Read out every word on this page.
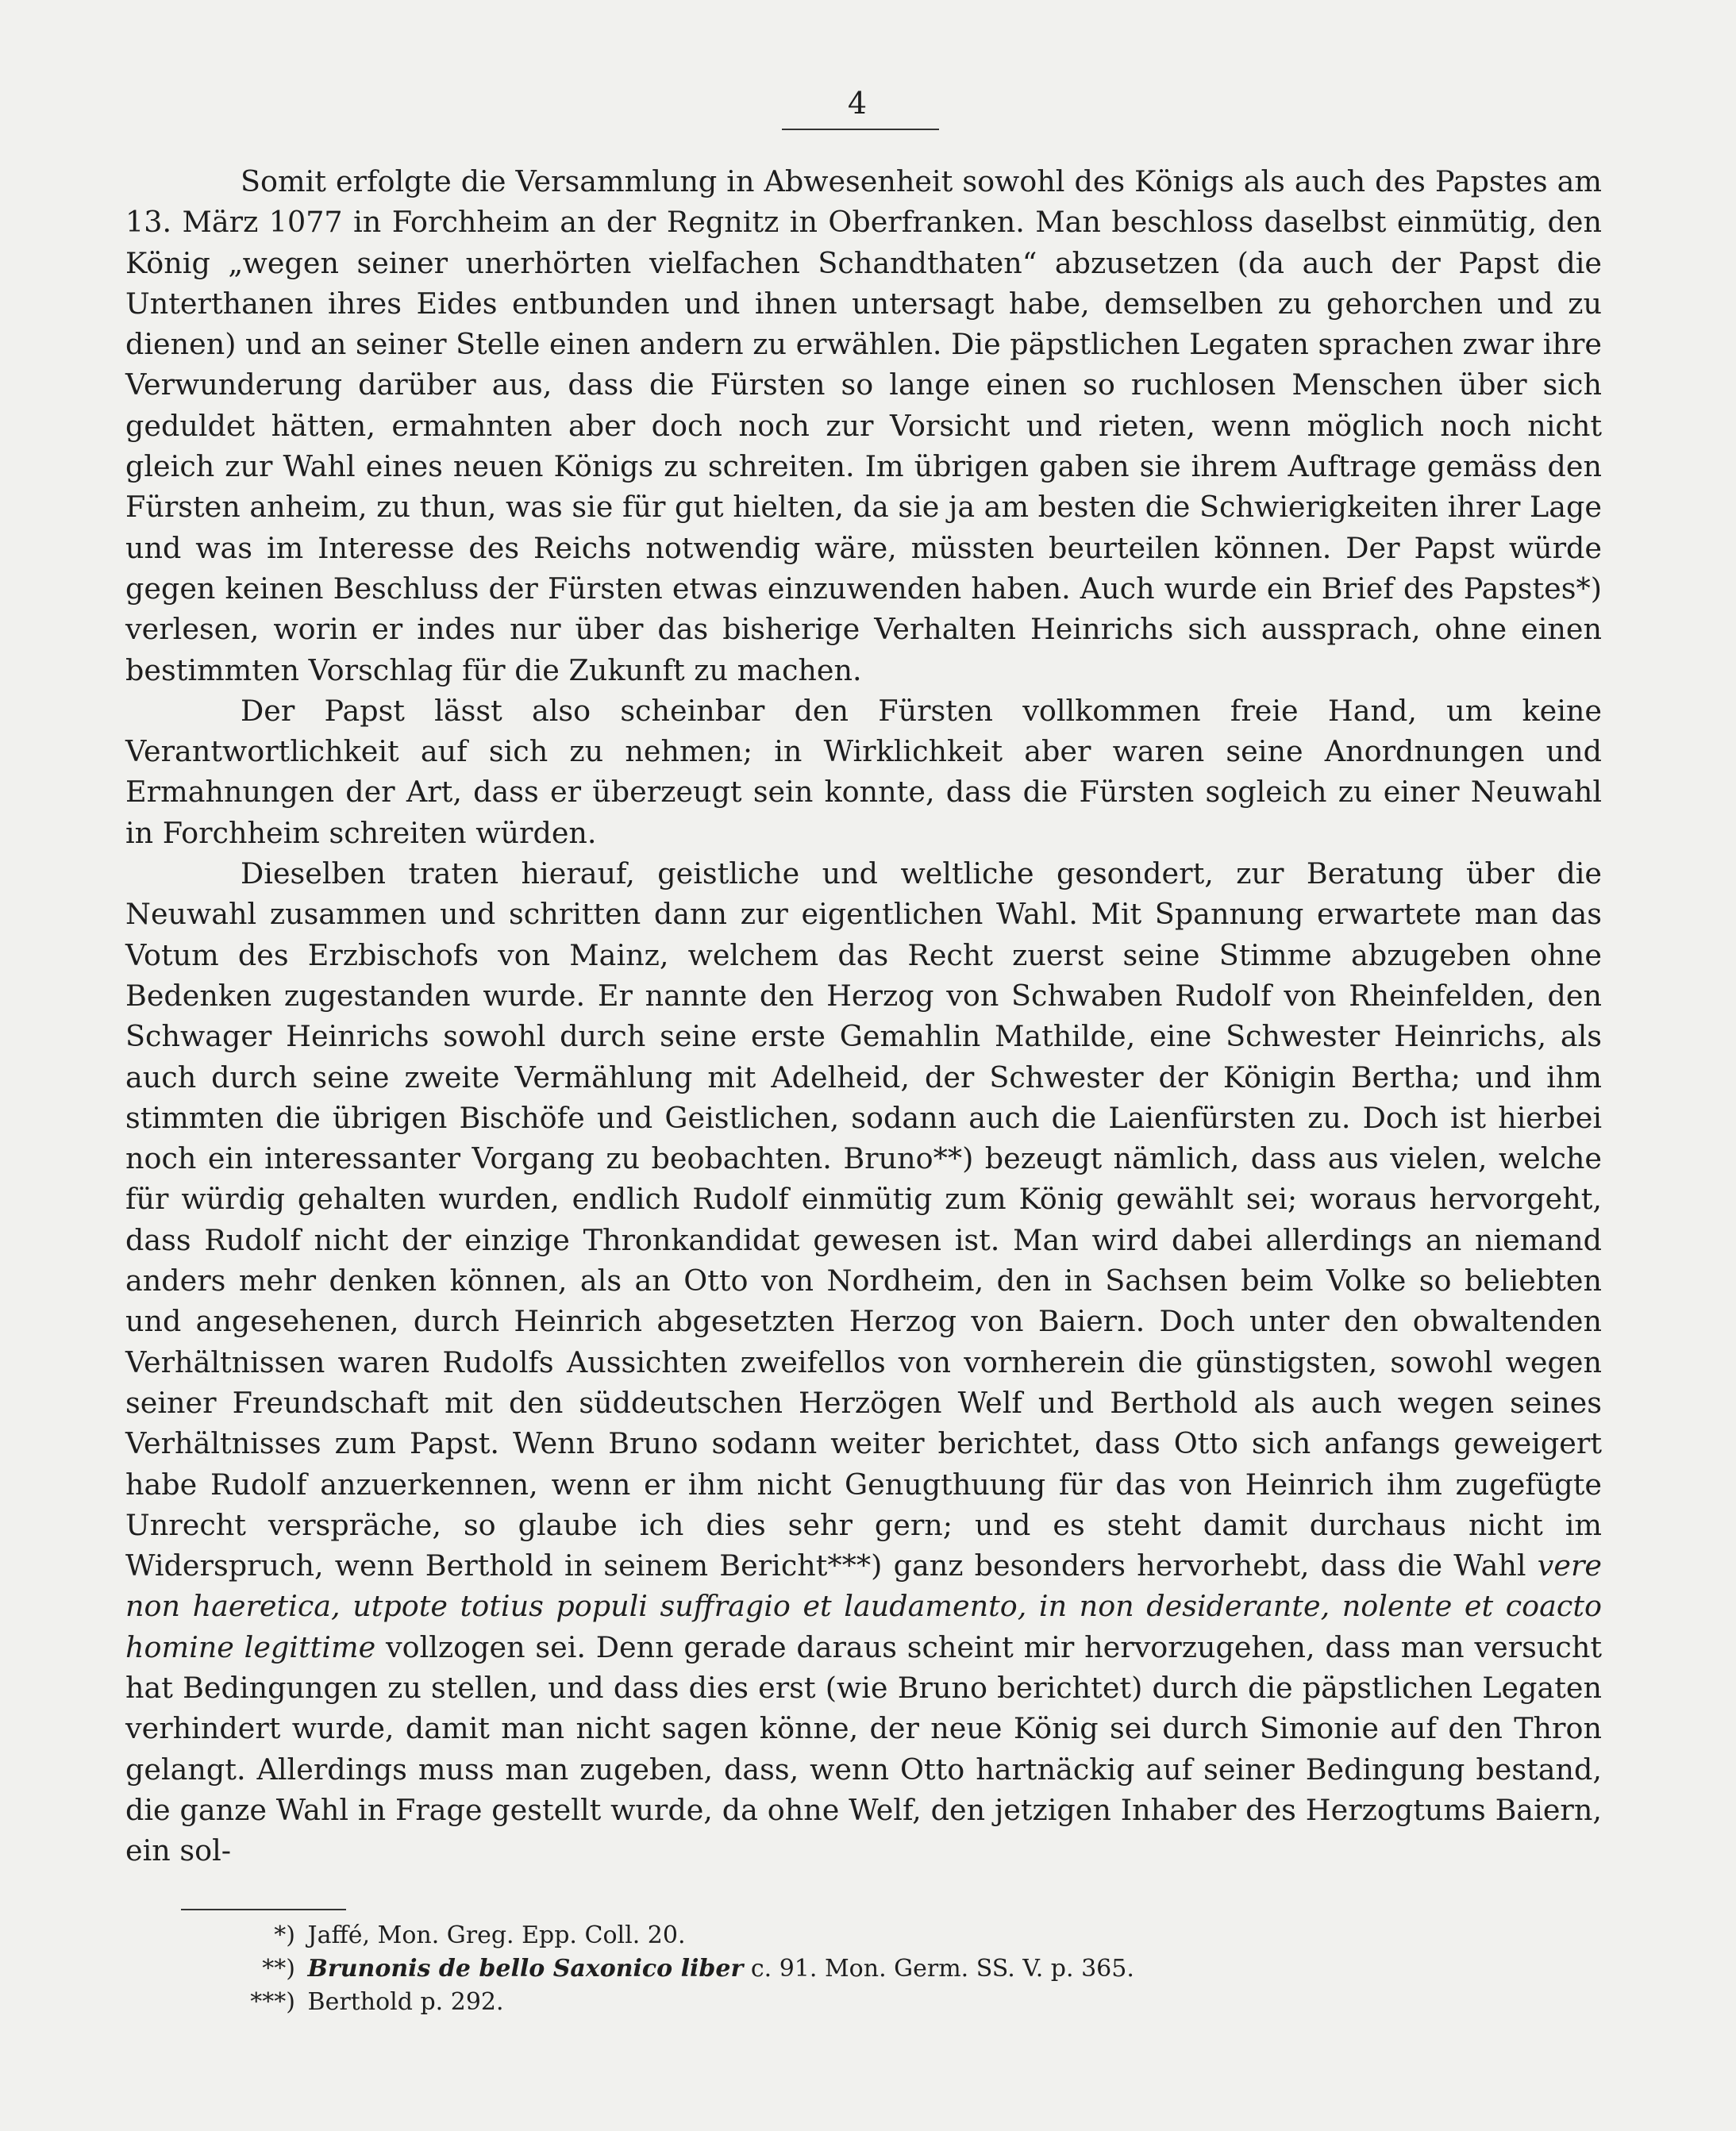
4

Somit erfolgte die Versammlung in Abwesenheit sowohl des Königs als auch des Papstes am 13. März 1077 in Forchheim an der Regnitz in Oberfranken. Man beschloss daselbst einmütig, den König „wegen seiner unerhörten vielfachen Schandthaten“ abzusetzen (da auch der Papst die Unterthanen ihres Eides entbunden und ihnen untersagt habe, demselben zu gehorchen und zu dienen) und an seiner Stelle einen andern zu erwählen. Die päpstlichen Legaten sprachen zwar ihre Verwunderung darüber aus, dass die Fürsten so lange einen so ruchlosen Menschen über sich geduldet hätten, ermahnten aber doch noch zur Vorsicht und rieten, wenn möglich noch nicht gleich zur Wahl eines neuen Königs zu schreiten. Im übrigen gaben sie ihrem Auftrage gemäss den Fürsten anheim, zu thun, was sie für gut hielten, da sie ja am besten die Schwierigkeiten ihrer Lage und was im Interesse des Reichs notwendig wäre, müssten beurteilen können. Der Papst würde gegen keinen Beschluss der Fürsten etwas einzuwenden haben. Auch wurde ein Brief des Papstes*) verlesen, worin er indes nur über das bisherige Verhalten Heinrichs sich aussprach, ohne einen bestimmten Vorschlag für die Zukunft zu machen.

Der Papst lässt also scheinbar den Fürsten vollkommen freie Hand, um keine Verantwortlichkeit auf sich zu nehmen; in Wirklichkeit aber waren seine Anordnungen und Ermahnungen der Art, dass er überzeugt sein konnte, dass die Fürsten sogleich zu einer Neuwahl in Forchheim schreiten würden.

Dieselben traten hierauf, geistliche und weltliche gesondert, zur Beratung über die Neuwahl zusammen und schritten dann zur eigentlichen Wahl. Mit Spannung erwartete man das Votum des Erzbischofs von Mainz, welchem das Recht zuerst seine Stimme abzugeben ohne Bedenken zugestanden wurde. Er nannte den Herzog von Schwaben Rudolf von Rheinfelden, den Schwager Heinrichs sowohl durch seine erste Gemahlin Mathilde, eine Schwester Heinrichs, als auch durch seine zweite Vermählung mit Adelheid, der Schwester der Königin Bertha; und ihm stimmten die übrigen Bischöfe und Geistlichen, sodann auch die Laienfürsten zu. Doch ist hierbei noch ein interessanter Vorgang zu beobachten. Bruno**) bezeugt nämlich, dass aus vielen, welche für würdig gehalten wurden, endlich Rudolf einmütig zum König gewählt sei; woraus hervorgeht, dass Rudolf nicht der einzige Thronkandidat gewesen ist. Man wird dabei allerdings an niemand anders mehr denken können, als an Otto von Nordheim, den in Sachsen beim Volke so beliebten und angesehenen, durch Heinrich abgesetzten Herzog von Baiern. Doch unter den obwaltenden Verhältnissen waren Rudolfs Aussichten zweifellos von vornherein die günstigsten, sowohl wegen seiner Freundschaft mit den süddeutschen Herzögen Welf und Berthold als auch wegen seines Verhältnisses zum Papst. Wenn Bruno sodann weiter berichtet, dass Otto sich anfangs geweigert habe Rudolf anzuerkennen, wenn er ihm nicht Genugthuung für das von Heinrich ihm zugefügte Unrecht verspräche, so glaube ich dies sehr gern; und es steht damit durchaus nicht im Widerspruch, wenn Berthold in seinem Bericht***) ganz besonders hervorhebt, dass die Wahl vere non haeretica, utpote totius populi suffragio et laudamento, in non desiderante, nolente et coacto homine legittime vollzogen sei. Denn gerade daraus scheint mir hervorzugehen, dass man versucht hat Bedingungen zu stellen, und dass dies erst (wie Bruno berichtet) durch die päpstlichen Legaten verhindert wurde, damit man nicht sagen könne, der neue König sei durch Simonie auf den Thron gelangt. Allerdings muss man zugeben, dass, wenn Otto hartnäckig auf seiner Bedingung bestand, die ganze Wahl in Frage gestellt wurde, da ohne Welf, den jetzigen Inhaber des Herzogtums Baiern, ein sol-

*) Jaffé, Mon. Greg. Epp. Coll. 20.
**) Brunonis de bello Saxonico liber c. 91. Mon. Germ. SS. V. p. 365.
***) Berthold p. 292.
